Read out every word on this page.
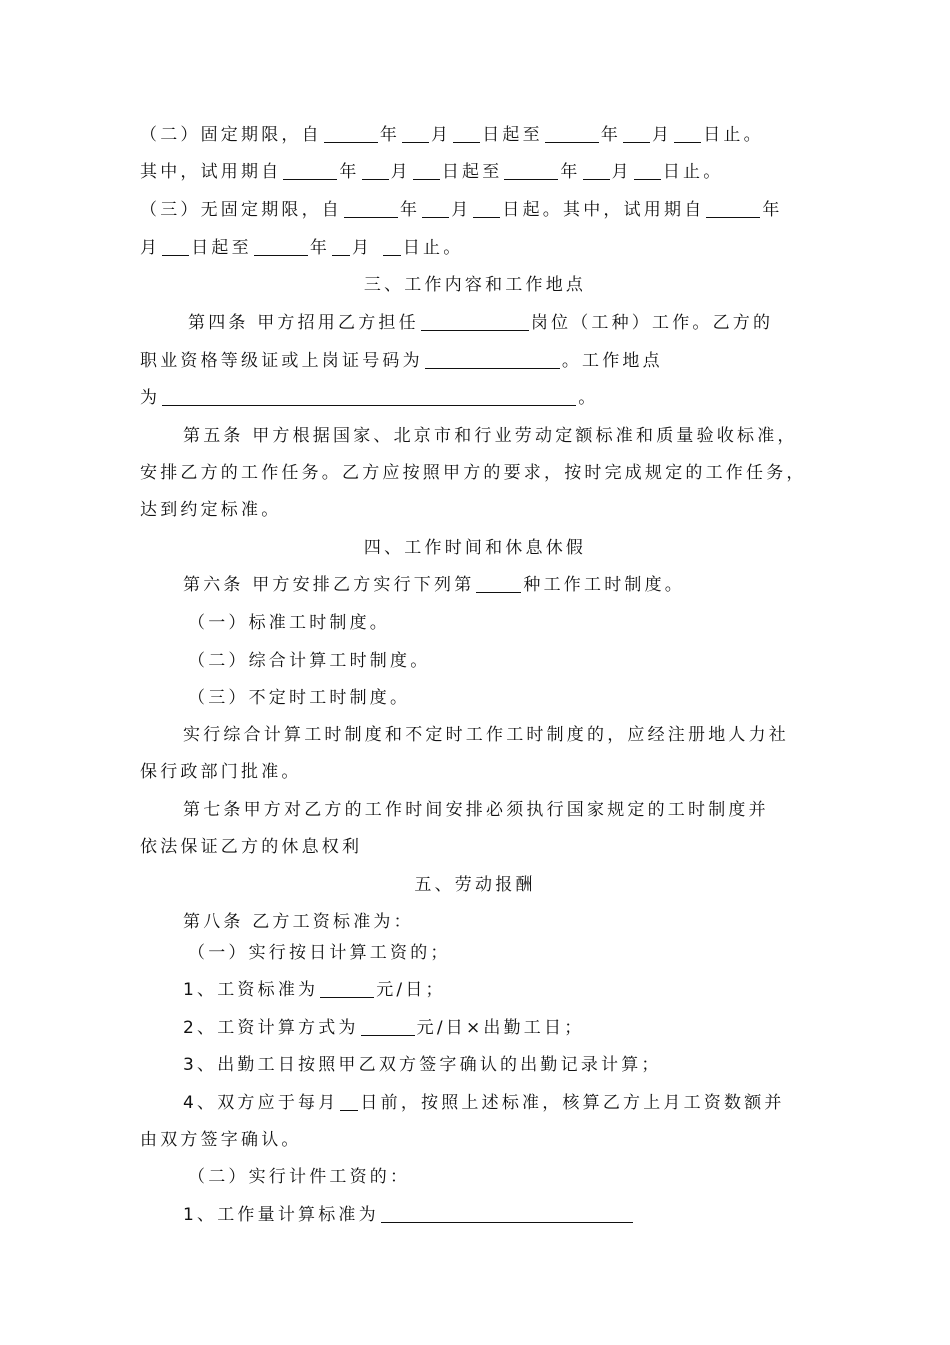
（二）固定期限，自	年 月 日起至	年 月 日止。
其中，试用期自	年 月 日起至	年 月 日止。
（三）无固定期限，自	年 月 日起。其中，试用期自	年
月 日起至	年 月 日止。
三、工作内容和工作地点
第四条 甲方招用乙方担任	岗位（工种）工作。乙方的
职业资格等级证或上岗证号码为	。工作地点
为	。
第五条 甲方根据国家、北京市和行业劳动定额标准和质量验收标准，
安排乙方的工作任务。乙方应按照甲方的要求，按时完成规定的工作任务，
达到约定标准。
四、工作时间和休息休假
第六条 甲方安排乙方实行下列第	种工作工时制度。
（一）标准工时制度。
（二）综合计算工时制度。
（三）不定时工时制度。
实行综合计算工时制度和不定时工作工时制度的，应经注册地人力社
保行政部门批准。
第七条甲方对乙方的工作时间安排必须执行国家规定的工时制度并
依法保证乙方的休息权利
五、劳动报酬
第八条 乙方工资标准为：
（一）实行按日计算工资的；
1、工资标准为	元/日；
2、工资计算方式为	元/日×出勤工日；
3、出勤工日按照甲乙双方签字确认的出勤记录计算；
4、双方应于每月 日前，按照上述标准，核算乙方上月工资数额并
由双方签字确认。
（二）实行计件工资的：
1、工作量计算标准为
